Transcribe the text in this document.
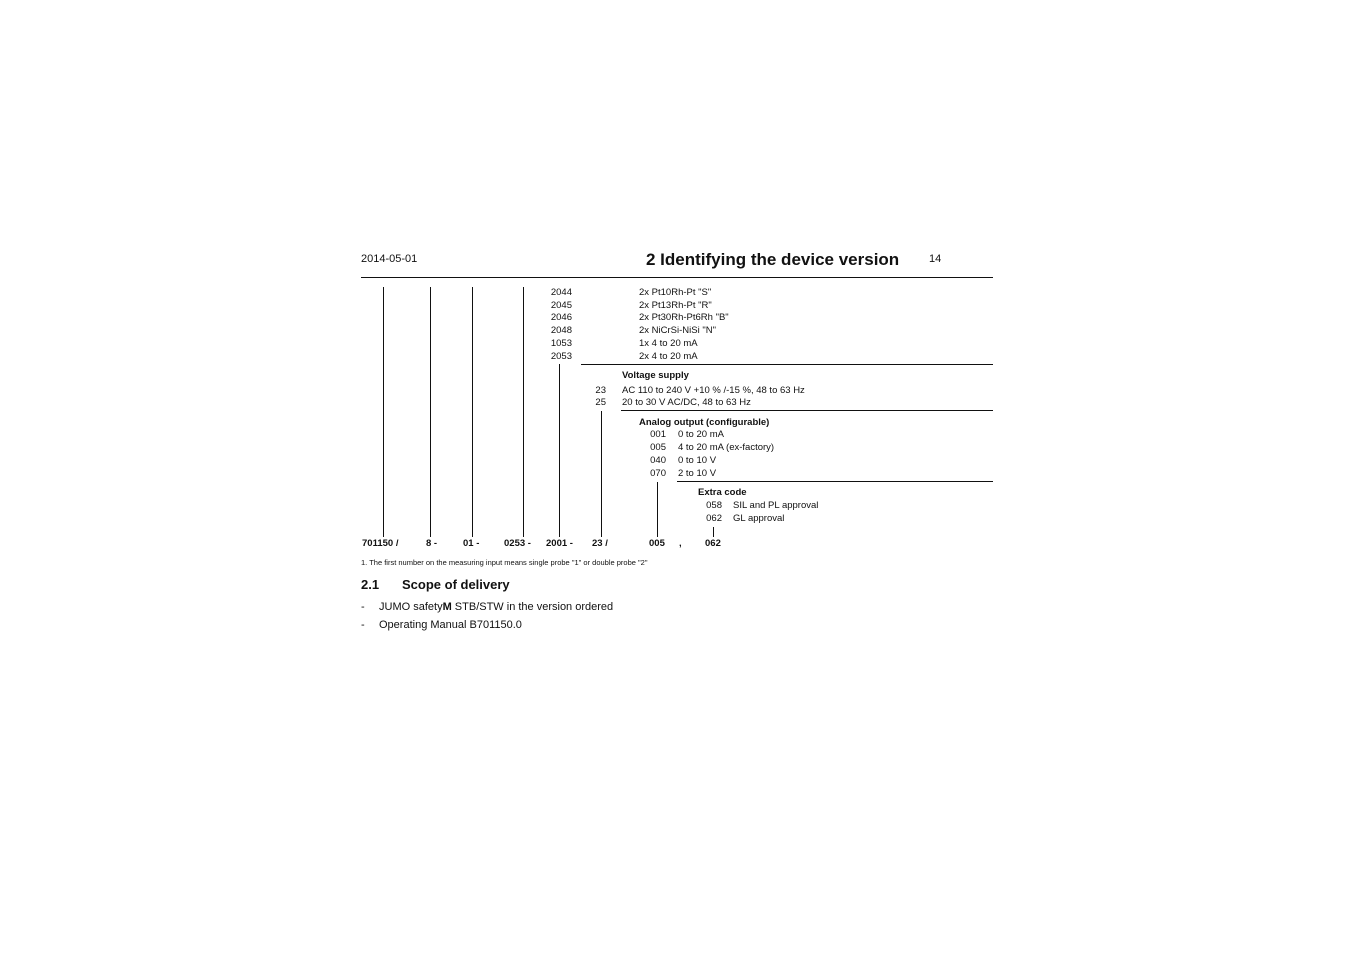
2014-05-01	2 Identifying the device version	14
2044	2x Pt10Rh-Pt "S"
2045	2x Pt13Rh-Pt "R"
2046	2x Pt30Rh-Pt6Rh "B"
2048	2x NiCrSi-NiSi "N"
1053	1x 4 to 20 mA
2053	2x 4 to 20 mA
Voltage supply
23 AC 110 to 240 V +10 % /-15 %, 48 to 63 Hz
25 20 to 30 V AC/DC, 48 to 63 Hz
Analog output (configurable)
001 0 to 20 mA
005 4 to 20 mA (ex-factory)
040 0 to 10 V
070 2 to 10 V
Extra code
058 SIL and PL approval
062 GL approval
701150 /	8 -	01 -	0253 - 2001 - 23 /	005 , 062
1. The first number on the measuring input means single probe "1" or double probe "2"
2.1 Scope of delivery
- JUMO safetyM STB/STW in the version ordered
- Operating Manual B701150.0
